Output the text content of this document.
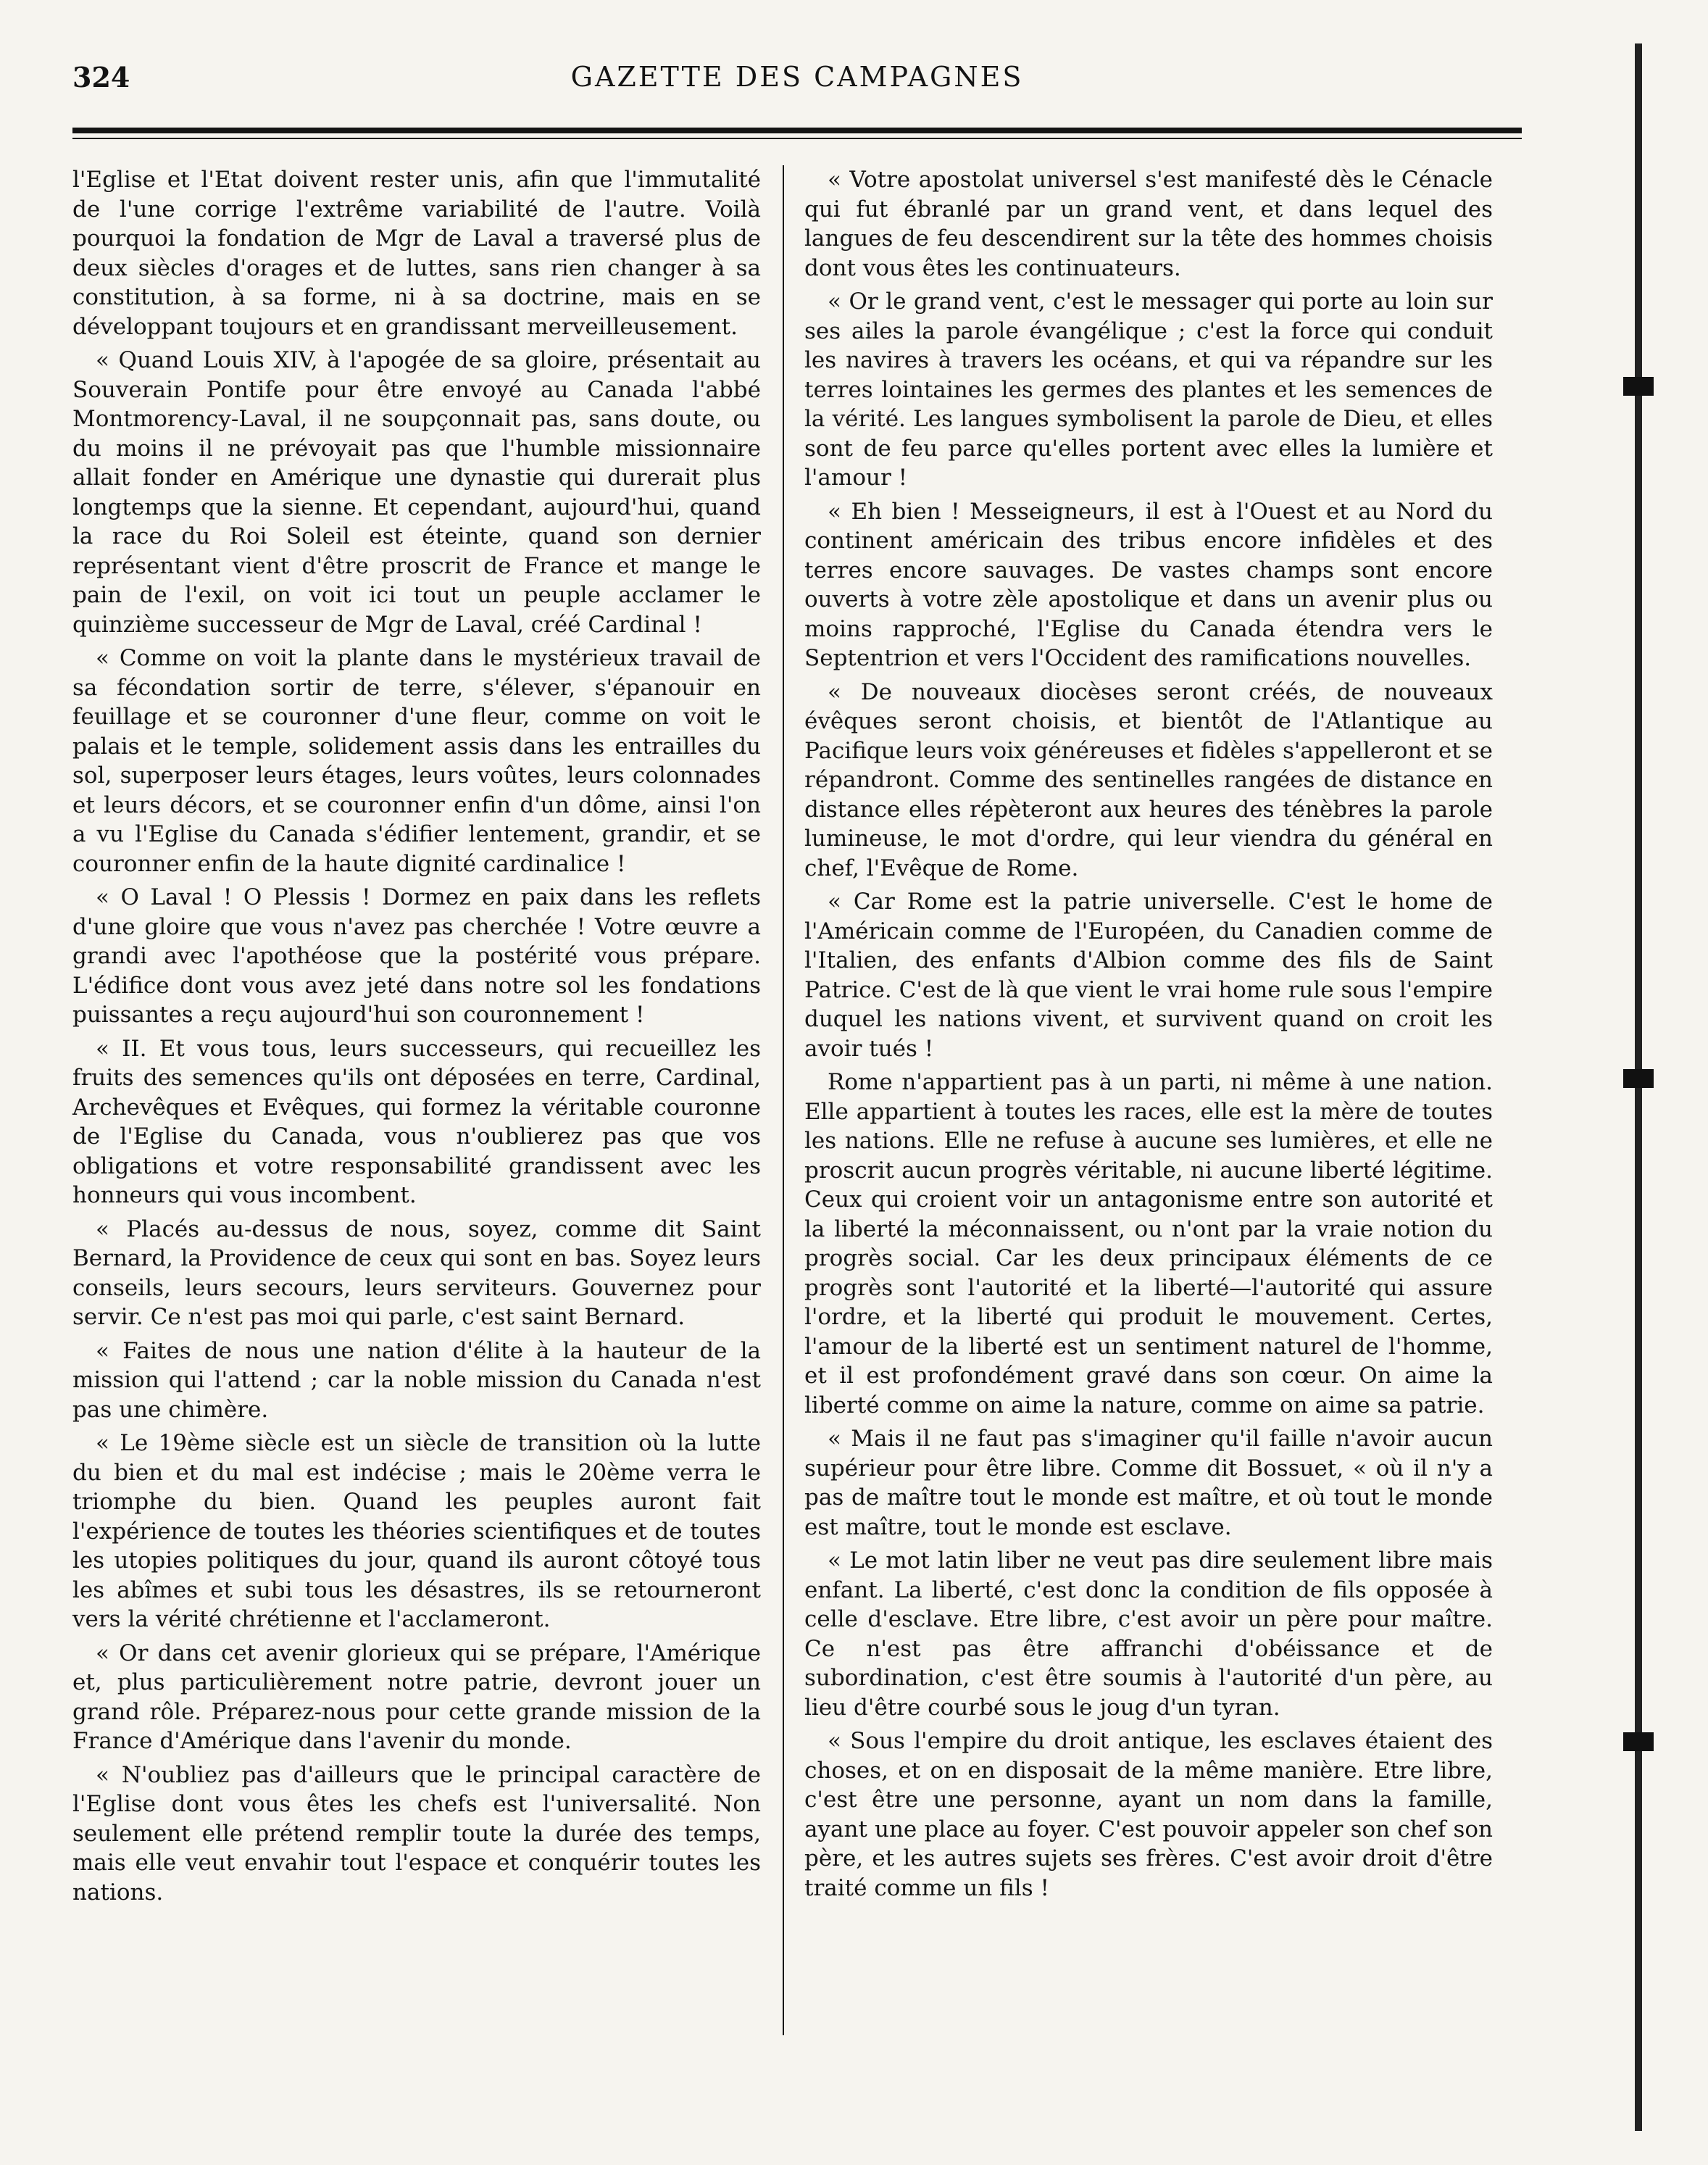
324	GAZETTE DES CAMPAGNES

l'Eglise et l'Etat doivent rester unis, afin que l'immutalité de l'une corrige l'extrême variabilité de l'autre. Voilà pourquoi la fondation de Mgr de Laval a traversé plus de deux siècles d'orages et de luttes, sans rien changer à sa constitution, à sa forme, ni à sa doctrine, mais en se développant toujours et en grandissant merveilleusement.

« Quand Louis XIV, à l'apogée de sa gloire, présentait au Souverain Pontife pour être envoyé au Canada l'abbé Montmorency-Laval, il ne soupçonnait pas, sans doute, ou du moins il ne prévoyait pas que l'humble missionnaire allait fonder en Amérique une dynastie qui durerait plus longtemps que la sienne. Et cependant, aujourd'hui, quand la race du Roi Soleil est éteinte, quand son dernier représentant vient d'être proscrit de France et mange le pain de l'exil, on voit ici tout un peuple acclamer le quinzième successeur de Mgr de Laval, créé Cardinal !

« Comme on voit la plante dans le mystérieux travail de sa fécondation sortir de terre, s'élever, s'épanouir en feuillage et se couronner d'une fleur, comme on voit le palais et le temple, solidement assis dans les entrailles du sol, superposer leurs étages, leurs voûtes, leurs colonnades et leurs décors, et se couronner enfin d'un dôme, ainsi l'on a vu l'Eglise du Canada s'édifier lentement, grandir, et se couronner enfin de la haute dignité cardinalice !

« O Laval ! O Plessis ! Dormez en paix dans les reflets d'une gloire que vous n'avez pas cherchée ! Votre œuvre a grandi avec l'apothéose que la postérité vous prépare. L'édifice dont vous avez jeté dans notre sol les fondations puissantes a reçu aujourd'hui son couronnement !

« II. Et vous tous, leurs successeurs, qui recueillez les fruits des semences qu'ils ont déposées en terre, Cardinal, Archevêques et Evêques, qui formez la véritable couronne de l'Eglise du Canada, vous n'oublierez pas que vos obligations et votre responsabilité grandissent avec les honneurs qui vous incombent.

« Placés au-dessus de nous, soyez, comme dit Saint Bernard, la Providence de ceux qui sont en bas. Soyez leurs conseils, leurs secours, leurs serviteurs. Gouvernez pour servir. Ce n'est pas moi qui parle, c'est saint Bernard.

« Faites de nous une nation d'élite à la hauteur de la mission qui l'attend ; car la noble mission du Canada n'est pas une chimère.

« Le 19ème siècle est un siècle de transition où la lutte du bien et du mal est indécise ; mais le 20ème verra le triomphe du bien. Quand les peuples auront fait l'expérience de toutes les théories scientifiques et de toutes les utopies politiques du jour, quand ils auront côtoyé tous les abîmes et subi tous les désastres, ils se retourneront vers la vérité chrétienne et l'acclameront.

« Or dans cet avenir glorieux qui se prépare, l'Amérique et, plus particulièrement notre patrie, devront jouer un grand rôle. Préparez-nous pour cette grande mission de la France d'Amérique dans l'avenir du monde.

« N'oubliez pas d'ailleurs que le principal caractère de l'Eglise dont vous êtes les chefs est l'universalité. Non seulement elle prétend remplir toute la durée des temps, mais elle veut envahir tout l'espace et conquérir toutes les nations.

« Votre apostolat universel s'est manifesté dès le Cénacle qui fut ébranlé par un grand vent, et dans lequel des langues de feu descendirent sur la tête des hommes choisis dont vous êtes les continuateurs.

« Or le grand vent, c'est le messager qui porte au loin sur ses ailes la parole évangélique ; c'est la force qui conduit les navires à travers les océans, et qui va répandre sur les terres lointaines les germes des plantes et les semences de la vérité. Les langues symbolisent la parole de Dieu, et elles sont de feu parce qu'elles portent avec elles la lumière et l'amour !

« Eh bien ! Messeigneurs, il est à l'Ouest et au Nord du continent américain des tribus encore infidèles et des terres encore sauvages. De vastes champs sont encore ouverts à votre zèle apostolique et dans un avenir plus ou moins rapproché, l'Eglise du Canada étendra vers le Septentrion et vers l'Occident des ramifications nouvelles.

« De nouveaux diocèses seront créés, de nouveaux évêques seront choisis, et bientôt de l'Atlantique au Pacifique leurs voix généreuses et fidèles s'appelleront et se répandront. Comme des sentinelles rangées de distance en distance elles répèteront aux heures des ténèbres la parole lumineuse, le mot d'ordre, qui leur viendra du général en chef, l'Evêque de Rome.

« Car Rome est la patrie universelle. C'est le home de l'Américain comme de l'Européen, du Canadien comme de l'Italien, des enfants d'Albion comme des fils de Saint Patrice. C'est de là que vient le vrai home rule sous l'empire duquel les nations vivent, et survivent quand on croit les avoir tués !

Rome n'appartient pas à un parti, ni même à une nation. Elle appartient à toutes les races, elle est la mère de toutes les nations. Elle ne refuse à aucune ses lumières, et elle ne proscrit aucun progrès véritable, ni aucune liberté légitime. Ceux qui croient voir un antagonisme entre son autorité et la liberté la méconnaissent, ou n'ont par la vraie notion du progrès social. Car les deux principaux éléments de ce progrès sont l'autorité et la liberté—l'autorité qui assure l'ordre, et la liberté qui produit le mouvement. Certes, l'amour de la liberté est un sentiment naturel de l'homme, et il est profondément gravé dans son cœur. On aime la liberté comme on aime la nature, comme on aime sa patrie.

« Mais il ne faut pas s'imaginer qu'il faille n'avoir aucun supérieur pour être libre. Comme dit Bossuet, « où il n'y a pas de maître tout le monde est maître, et où tout le monde est maître, tout le monde est esclave.

« Le mot latin liber ne veut pas dire seulement libre mais enfant. La liberté, c'est donc la condition de fils opposée à celle d'esclave. Etre libre, c'est avoir un père pour maître. Ce n'est pas être affranchi d'obéissance et de subordination, c'est être soumis à l'autorité d'un père, au lieu d'être courbé sous le joug d'un tyran.

« Sous l'empire du droit antique, les esclaves étaient des choses, et on en disposait de la même manière. Etre libre, c'est être une personne, ayant un nom dans la famille, ayant une place au foyer. C'est pouvoir appeler son chef son père, et les autres sujets ses frères. C'est avoir droit d'être traité comme un fils !
